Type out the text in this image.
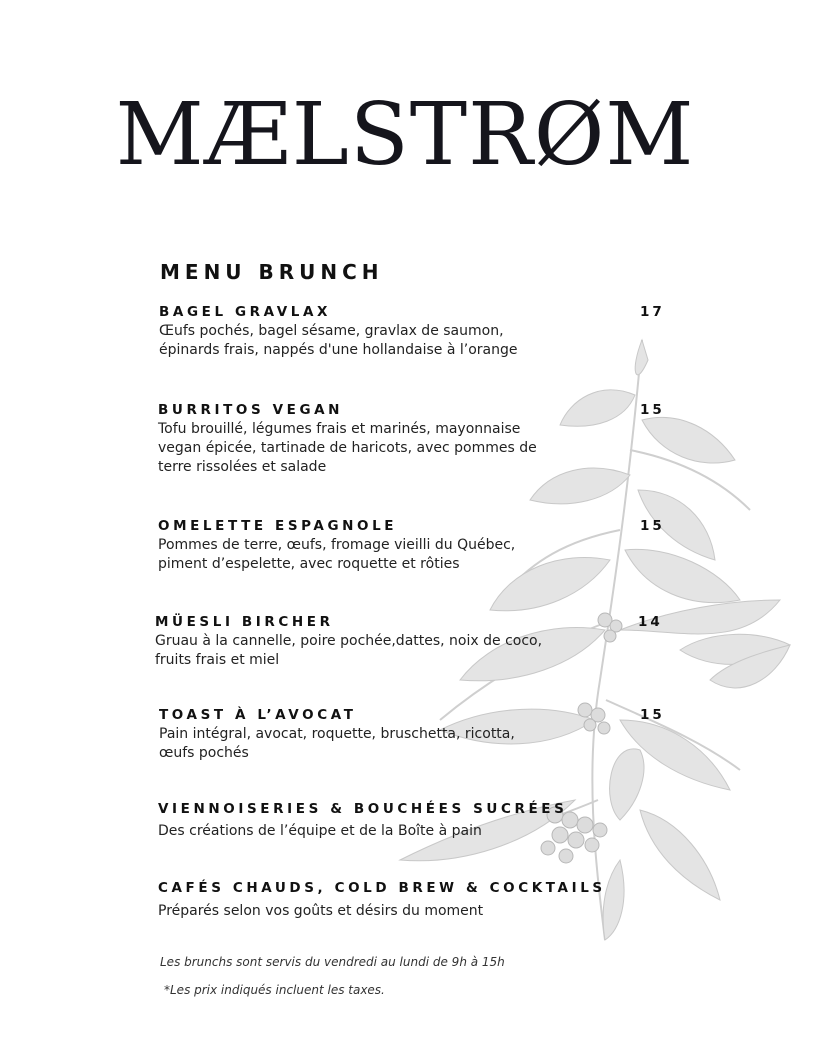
MÆLSTRØM
MENU BRUNCH
BAGEL GRAVLAX
Œufs pochés, bagel sésame, gravlax de saumon,
épinards frais, nappés d'une hollandaise à l’orange
17
BURRITOS VEGAN
Tofu brouillé, légumes frais et marinés, mayonnaise
vegan épicée, tartinade de haricots, avec pommes de
terre rissolées et salade
15
OMELETTE ESPAGNOLE
Pommes de terre, œufs, fromage vieilli du Québec,
piment d’espelette, avec roquette et rôties
15
MÜESLI BIRCHER
Gruau à la cannelle, poire pochée,dattes, noix de coco,
fruits frais et miel
14
TOAST À L’AVOCAT
Pain intégral, avocat, roquette, bruschetta, ricotta,
œufs pochés
15
VIENNOISERIES & BOUCHÉES SUCRÉES
Des créations de l’équipe et de la Boîte à pain
CAFÉS CHAUDS, COLD BREW & COCKTAILS
Préparés selon vos goûts et désirs du moment
Les brunchs sont servis du vendredi au lundi de 9h à 15h
*Les prix indiqués incluent les taxes.
